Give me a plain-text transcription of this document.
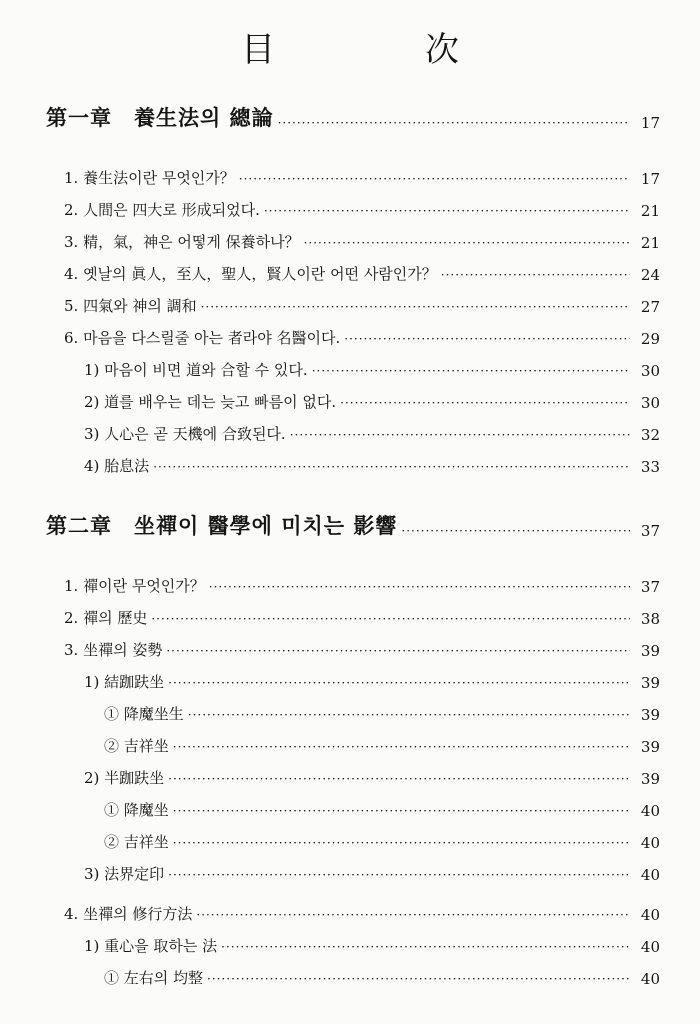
目　次
第一章　養生法의 總論 ·····	17
1. 養生法이란 무엇인가？ ·····	17
2. 人間은 四大로 形成되었다. ·····	21
3. 精，氣，神은 어떻게 保養하나？ ·····	21
4. 옛날의 眞人，至人，聖人，賢人이란 어떤 사람인가？ ·····	24
5. 四氣와 神의 調和 ·····	27
6. 마음을 다스릴줄 아는 者라야 名醫이다. ·····	29
1) 마음이 비면 道와 合할 수 있다. ·····	30
2) 道를 배우는 데는 늦고 빠름이 없다. ·····	30
3) 人心은 곧 天機에 合致된다. ·····	32
4) 胎息法 ·····	33
第二章　坐禪이 醫學에 미치는 影響 ·····	37
1. 禪이란 무엇인가？ ·····	37
2. 禪의 歷史 ·····	38
3. 坐禪의 姿勢 ·····	39
1) 結跏趺坐 ·····	39
① 降魔坐生 ·····	39
② 吉祥坐 ·····	39
2) 半跏趺坐 ·····	39
① 降魔坐 ·····	40
② 吉祥坐 ·····	40
3) 法界定印 ·····	40
4. 坐禪의 修行方法 ·····	40
1) 重心을 取하는 法 ·····	40
① 左右의 均整 ·····	40
